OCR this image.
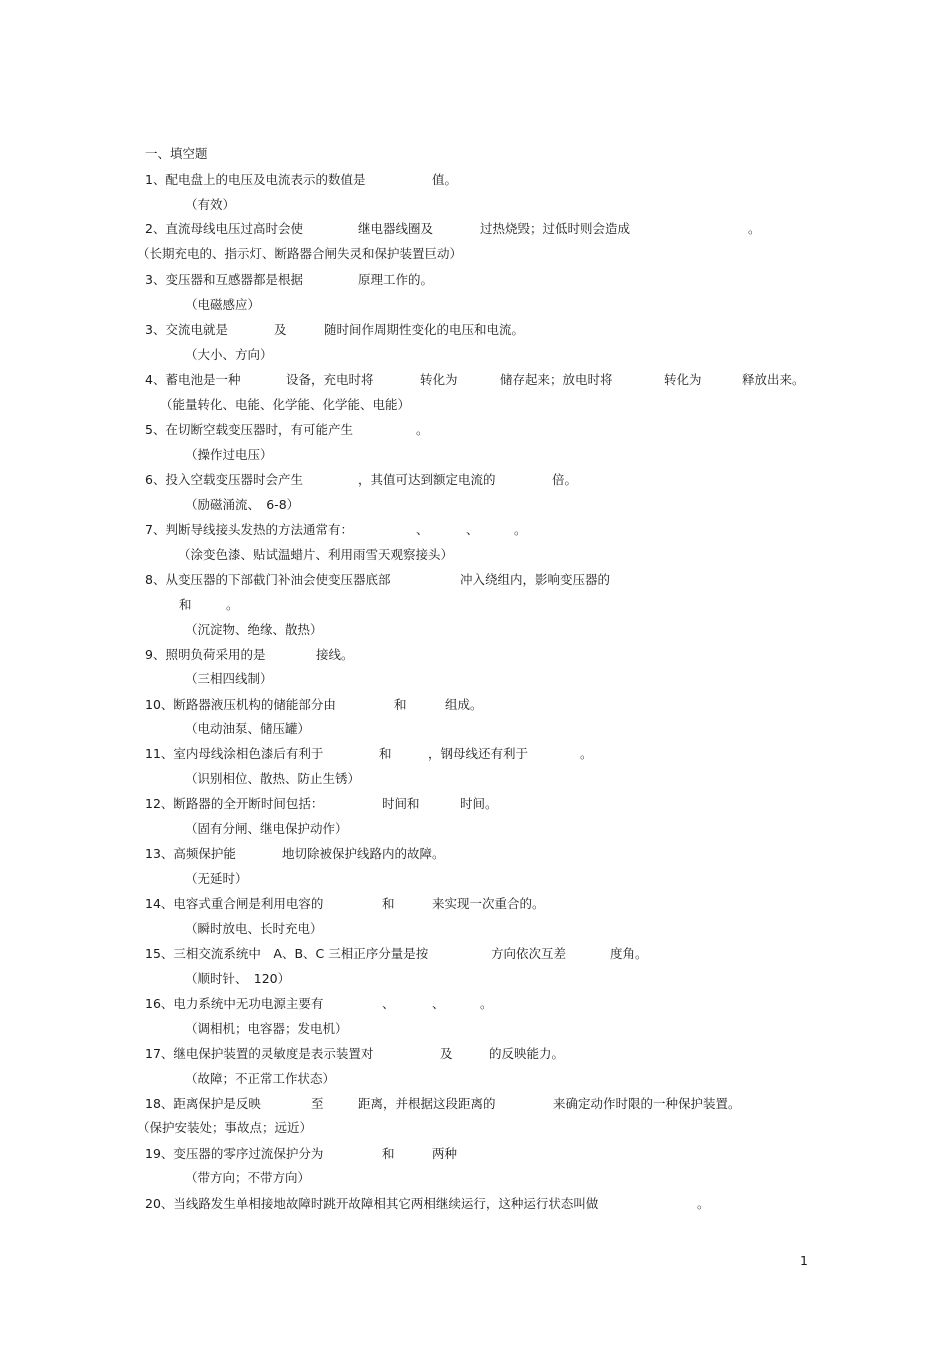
一、填空题
1、配电盘上的电压及电流表示的数值是	值。
（有效）
2、直流母线电压过高时会使	继电器线圈及	过热烧毁；过低时则会造成	。
（长期充电的、指示灯、断路器合闸失灵和保护装置巨动）
3、变压器和互感器都是根据	原理工作的。
（电磁感应）
3、交流电就是	及	随时间作周期性变化的电压和电流。
（大小、方向）
4、蓄电池是一种	设备，充电时将	转化为	储存起来；放电时将	转化为	释放出来。
（能量转化、电能、化学能、化学能、电能）
5、在切断空载变压器时，有可能产生	。
（操作过电压）
6、投入空载变压器时会产生	，其值可达到额定电流的	倍。
（励磁涌流、　6-8）
7、判断导线接头发热的方法通常有：	、	、	。
（涂变色漆、贴试温蜡片、利用雨雪天观察接头）
8、从变压器的下部截门补油会使变压器底部	冲入绕组内，影响变压器的
和	。
（沉淀物、绝缘、散热）
9、照明负荷采用的是	接线。
（三相四线制）
10、断路器液压机构的储能部分由	和	组成。
（电动油泵、储压罐）
11、室内母线涂相色漆后有利于	和	，钢母线还有利于	。
（识别相位、散热、防止生锈）
12、断路器的全开断时间包括：	时间和	时间。
（固有分闸、继电保护动作）
13、高频保护能	地切除被保护线路内的故障。
（无延时）
14、电容式重合闸是利用电容的	和	来实现一次重合的。
（瞬时放电、长时充电）
15、三相交流系统中　A、B、C 三相正序分量是按	方向依次互差	度角。
（顺时针、　120）
16、电力系统中无功电源主要有	、	、	。
（调相机；电容器；发电机）
17、继电保护装置的灵敏度是表示装置对	及	的反映能力。
（故障；不正常工作状态）
18、距离保护是反映	至	距离，并根据这段距离的	来确定动作时限的一种保护装置。
（保护安装处；事故点；远近）
19、变压器的零序过流保护分为	和	两种
（带方向；不带方向）
20、当线路发生单相接地故障时跳开故障相其它两相继续运行，这种运行状态叫做	。
1
